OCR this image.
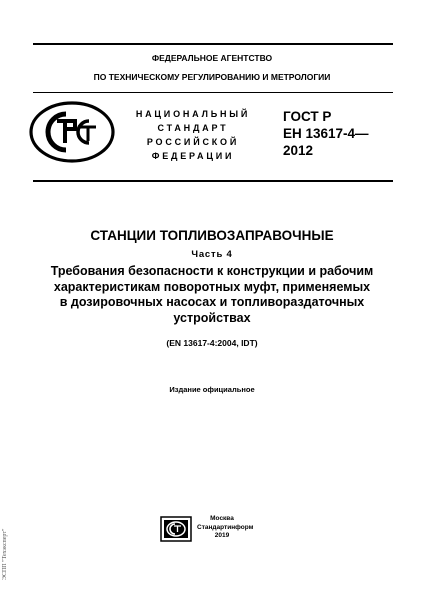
ФЕДЕРАЛЬНОЕ АГЕНТСТВО
ПО ТЕХНИЧЕСКОМУ РЕГУЛИРОВАНИЮ И МЕТРОЛОГИИ
НАЦИОНАЛЬНЫЙ
СТАНДАРТ
РОССИЙСКОЙ
ФЕДЕРАЦИИ
ГОСТ Р
ЕН 13617-4—
2012
СТАНЦИИ ТОПЛИВОЗАПРАВОЧНЫЕ
Часть 4
Требования безопасности к конструкции и рабочим
характеристикам поворотных муфт, применяемых
в дозировочных насосах и топливораздаточных
устройствах
(EN 13617-4:2004, IDT)
Издание официальное
Москва
Стандартинформ
2019
ЭСПП "Техэксперт"
